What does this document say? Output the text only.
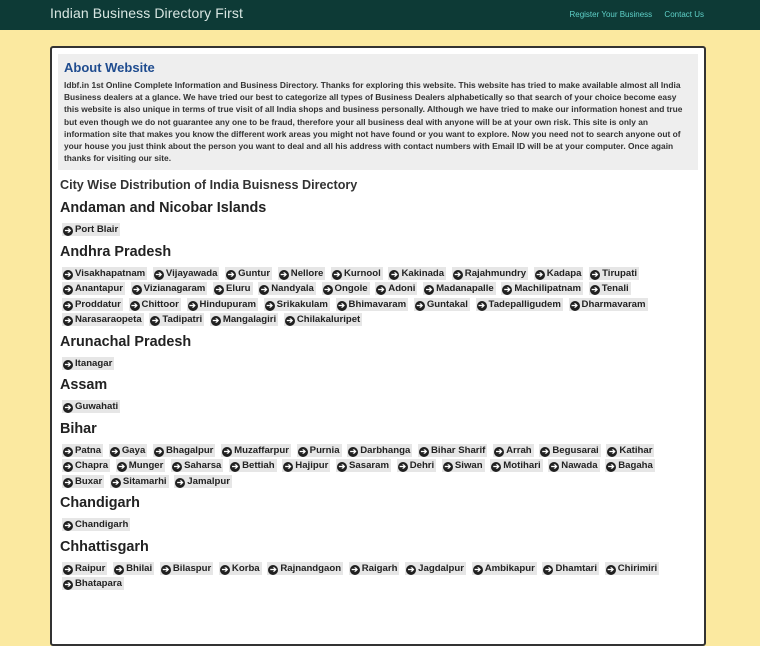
Indian Business Directory First	Register Your Business Contact Us
About Website

Idbf.in 1st Online Complete Information and Business Directory. Thanks for exploring this website. This website has tried to make available almost all India Business dealers at a glance. We have tried our best to categorize all types of Business Dealers alphabetically so that search of your choice become easy this website is also unique in terms of true visit of all India shops and business personally. Although we have tried to make our information honest and true but even though we do not guarantee any one to be fraud, therefore your all business deal with anyone will be at your own risk. This site is only an information site that makes you know the different work areas you might not have found or you want to explore. Now you need not to search anyone out of your house you just think about the person you want to deal and all his address with contact numbers with Email ID will be at your computer. Once again thanks for visiting our site.

City Wise Distribution of India Buisness Directory
Andaman and Nicobar Islands
➔ Port Blair
Andhra Pradesh
➔ Visakhapatnam ➔ Vijayawada ➔ Guntur ➔ Nellore ➔ Kurnool ➔ Kakinada ➔ Rajahmundry ➔ Kadapa ➔ Tirupati ➔ Anantapur ➔ Vizianagaram ➔ Eluru ➔ Nandyala ➔ Ongole ➔ Adoni ➔ Madanapalle ➔ Machilipatnam ➔ Tenali ➔ Proddatur ➔ Chittoor ➔ Hindupuram ➔ Srikakulam ➔ Bhimavaram ➔ Guntakal ➔ Tadepalligudem ➔ Dharmavaram ➔ Narasaraopeta ➔ Tadipatri ➔ Mangalagiri ➔ Chilakaluripet
Arunachal Pradesh
➔ Itanagar
Assam
➔ Guwahati
Bihar
➔ Patna ➔ Gaya ➔ Bhagalpur ➔ Muzaffarpur ➔ Purnia ➔ Darbhanga ➔ Bihar Sharif ➔ Arrah ➔ Begusarai ➔ Katihar ➔ Chapra ➔ Munger ➔ Saharsa ➔ Bettiah ➔ Hajipur ➔ Sasaram ➔ Dehri ➔ Siwan ➔ Motihari ➔ Nawada ➔ Bagaha ➔ Buxar ➔ Sitamarhi ➔ Jamalpur
Chandigarh
➔ Chandigarh
Chhattisgarh
➔ Raipur ➔ Bhilai ➔ Bilaspur ➔ Korba ➔ Rajnandgaon ➔ Raigarh ➔ Jagdalpur ➔ Ambikapur ➔ Dhamtari ➔ Chirimiri ➔ Bhatapara
